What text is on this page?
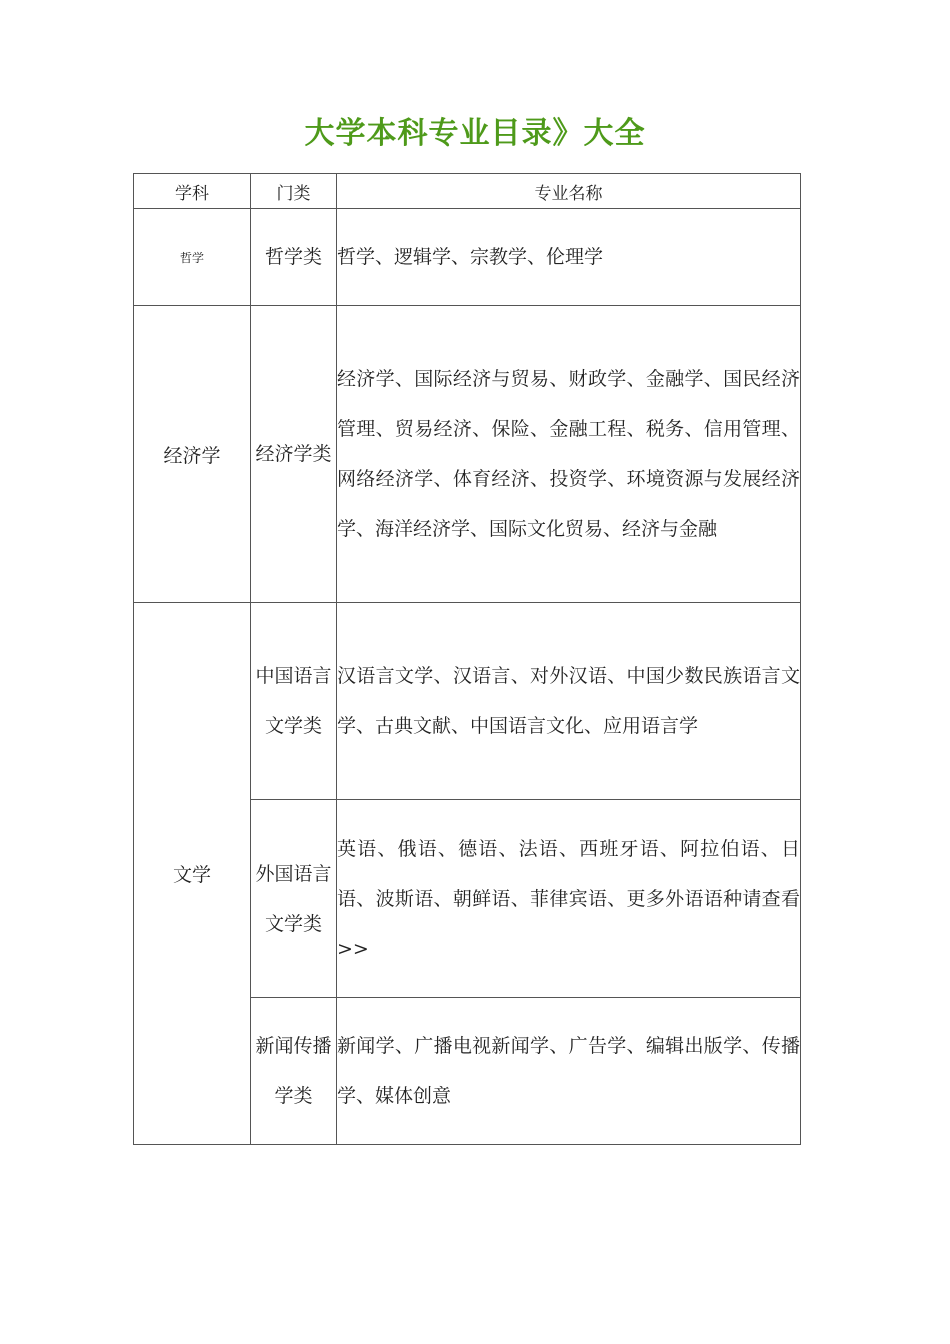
大学本科专业目录》大全
学科	门类	专业名称
哲学	哲学类	哲学、逻辑学、宗教学、伦理学
经济学	经济学类	经济学、国际经济与贸易、财政学、金融学、国民经济管理、贸易经济、保险、金融工程、税务、信用管理、网络经济学、体育经济、投资学、环境资源与发展经济学、海洋经济学、国际文化贸易、经济与金融
文学	中国语言文学类	汉语言文学、汉语言、对外汉语、中国少数民族语言文学、古典文献、中国语言文化、应用语言学
	外国语言文学类	英语、俄语、德语、法语、西班牙语、阿拉伯语、日语、波斯语、朝鲜语、菲律宾语、更多外语语种请查看>>
	新闻传播学类	新闻学、广播电视新闻学、广告学、编辑出版学、传播学、媒体创意
